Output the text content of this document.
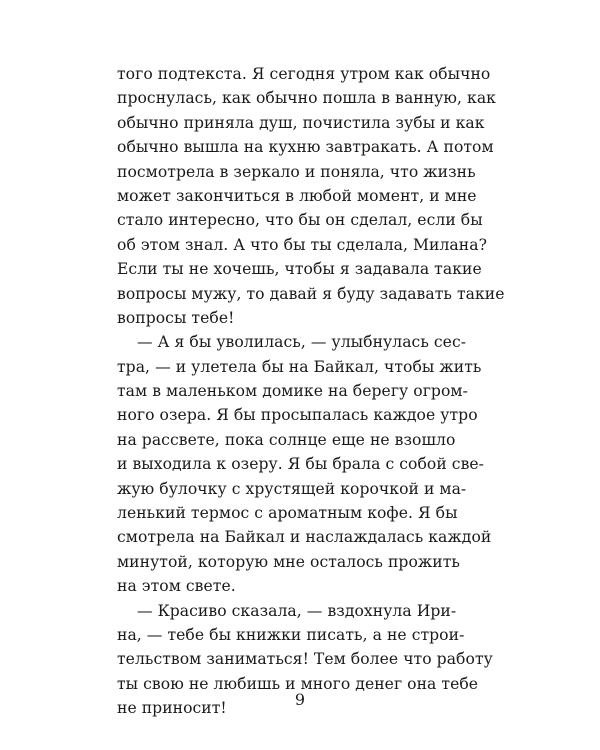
того подтекста. Я сегодня утром как обычно
проснулась, как обычно пошла в ванную, как
обычно приняла душ, почистила зубы и как
обычно вышла на кухню завтракать. А потом
посмотрела в зеркало и поняла, что жизнь
может закончиться в любой момент, и мне
стало интересно, что бы он сделал, если бы
об этом знал. А что бы ты сделала, Милана?
Если ты не хочешь, чтобы я задавала такие
вопросы мужу, то давай я буду задавать такие
вопросы тебе!
— А я бы уволилась, — улыбнулась сес-
тра, — и улетела бы на Байкал, чтобы жить
там в маленьком домике на берегу огром-
ного озера. Я бы просыпалась каждое утро
на рассвете, пока солнце еще не взошло
и выходила к озеру. Я бы брала с собой све-
жую булочку с хрустящей корочкой и ма-
ленький термос с ароматным кофе. Я бы
смотрела на Байкал и наслаждалась каждой
минутой, которую мне осталось прожить
на этом свете.
— Красиво сказала, — вздохнула Ири-
на, — тебе бы книжки писать, а не строи-
тельством заниматься! Тем более что работу
ты свою не любишь и много денег она тебе
не приносит!	9
